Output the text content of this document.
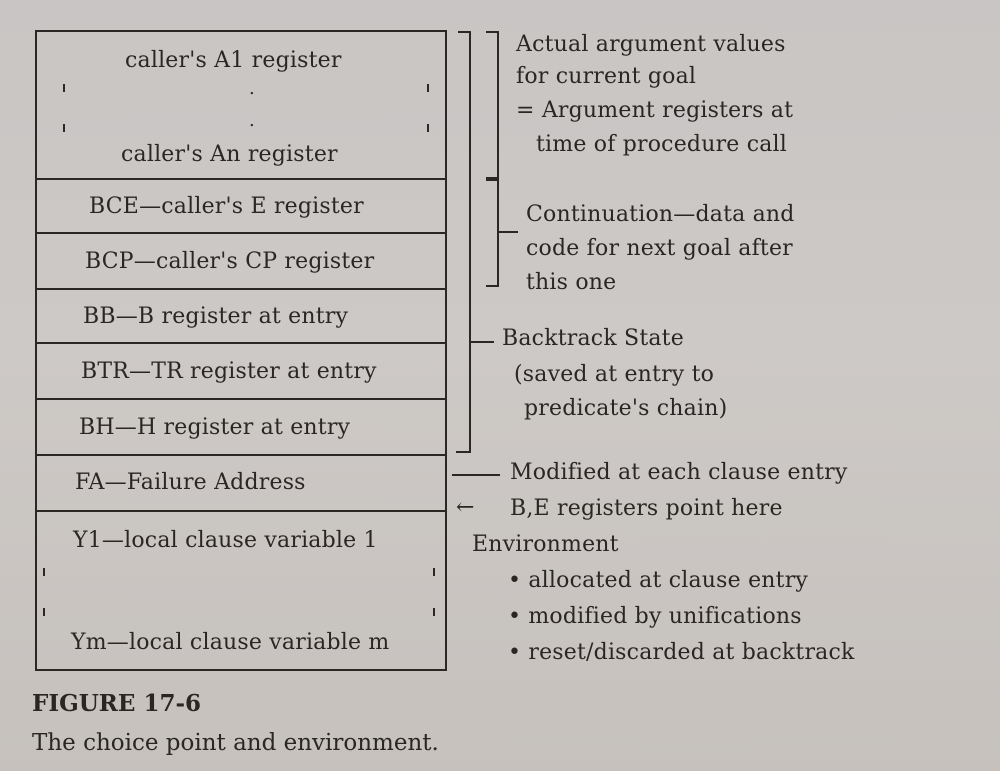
caller's A1 register
.
.
caller's An register
BCE—caller's E register
BCP—caller's CP register
BB—B register at entry
BTR—TR register at entry
BH—H register at entry
FA—Failure Address
Y1—local clause variable 1
Ym—local clause variable m
Actual argument values
for current goal
= Argument registers at
time of procedure call
Continuation—data and
code for next goal after
this one
Backtrack State
(saved at entry to
predicate's chain)
Modified at each clause entry
← B,E registers point here
Environment
• allocated at clause entry
• modified by unifications
• reset/discarded at backtrack
FIGURE 17-6
The choice point and environment.
